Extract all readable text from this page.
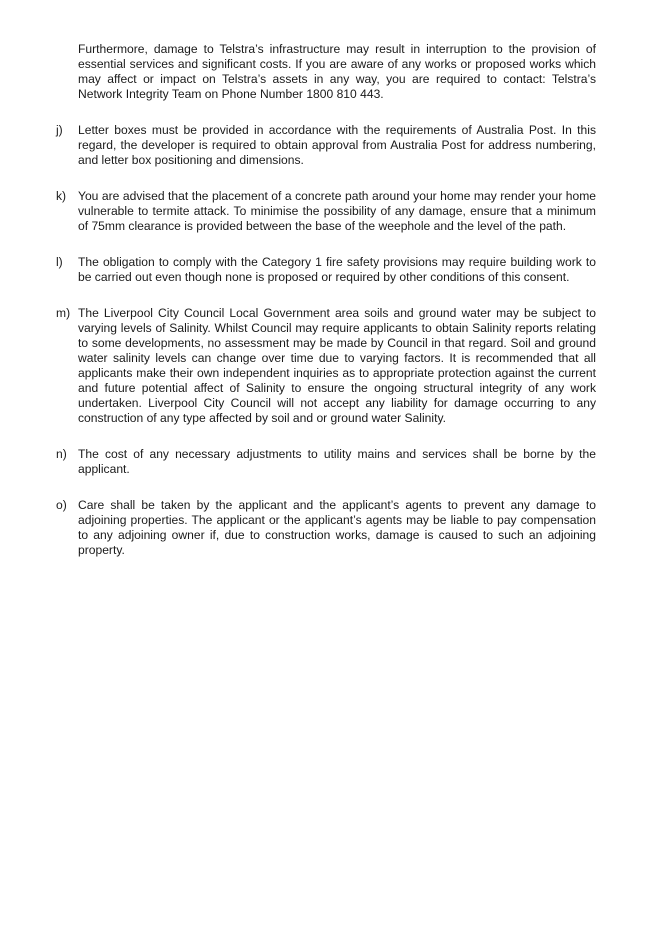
Furthermore, damage to Telstra’s infrastructure may result in interruption to the provision of essential services and significant costs. If you are aware of any works or proposed works which may affect or impact on Telstra’s assets in any way, you are required to contact: Telstra’s Network Integrity Team on Phone Number 1800 810 443.

j)	Letter boxes must be provided in accordance with the requirements of Australia Post. In this regard, the developer is required to obtain approval from Australia Post for address numbering, and letter box positioning and dimensions.
k) You are advised that the placement of a concrete path around your home may render your home vulnerable to termite attack. To minimise the possibility of any damage, ensure that a minimum of 75mm clearance is provided between the base of the weephole and the level of the path.
l)	The obligation to comply with the Category 1 fire safety provisions may require building work to be carried out even though none is proposed or required by other conditions of this consent.
m) The Liverpool City Council Local Government area soils and ground water may be subject to varying levels of Salinity. Whilst Council may require applicants to obtain Salinity reports relating to some developments, no assessment may be made by Council in that regard. Soil and ground water salinity levels can change over time due to varying factors. It is recommended that all applicants make their own independent inquiries as to appropriate protection against the current and future potential affect of Salinity to ensure the ongoing structural integrity of any work undertaken. Liverpool City Council will not accept any liability for damage occurring to any construction of any type affected by soil and or ground water Salinity.
n) The cost of any necessary adjustments to utility mains and services shall be borne by the applicant.
o) Care shall be taken by the applicant and the applicant’s agents to prevent any damage to adjoining properties. The applicant or the applicant’s agents may be liable to pay compensation to any adjoining owner if, due to construction works, damage is caused to such an adjoining property.
